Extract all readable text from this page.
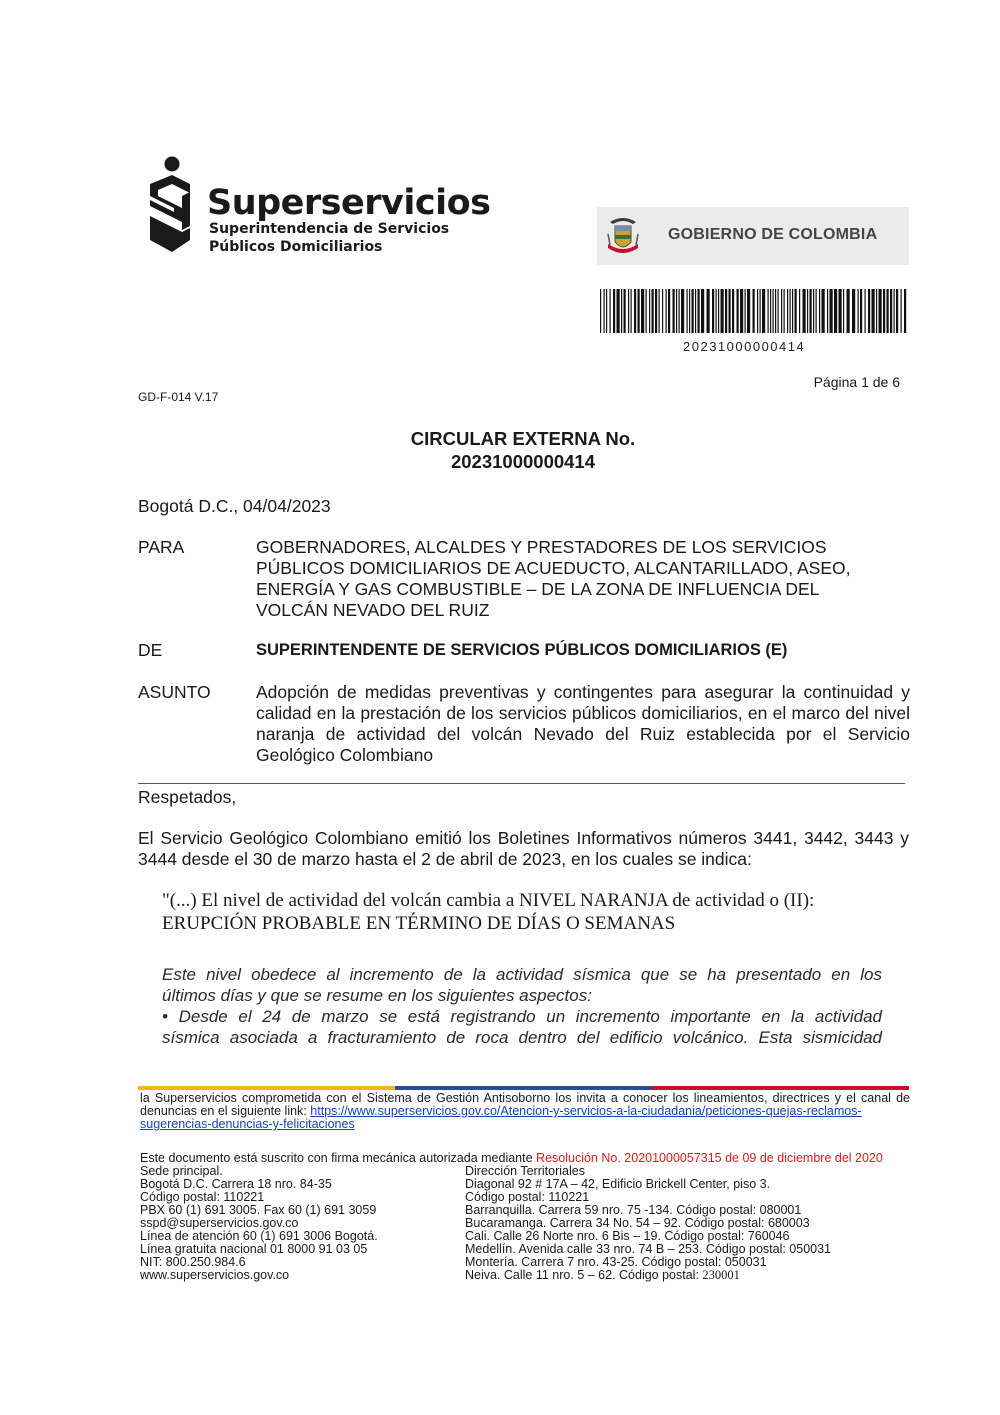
Superservicios
Superintendencia de Servicios
Públicos Domiciliarios
GOBIERNO DE COLOMBIA
20231000000414
Página 1 de 6
GD-F-014 V.17
CIRCULAR EXTERNA No.
20231000000414
Bogotá D.C., 04/04/2023
PARA	GOBERNADORES, ALCALDES Y PRESTADORES DE LOS SERVICIOS
PÚBLICOS DOMICILIARIOS DE ACUEDUCTO, ALCANTARILLADO, ASEO,
ENERGÍA Y GAS COMBUSTIBLE – DE LA ZONA DE INFLUENCIA DEL
VOLCÁN NEVADO DEL RUIZ
DE	SUPERINTENDENTE DE SERVICIOS PÚBLICOS DOMICILIARIOS (E)
ASUNTO	Adopción de medidas preventivas y contingentes para asegurar la continuidad y
calidad en la prestación de los servicios públicos domiciliarios, en el marco del nivel
naranja de actividad del volcán Nevado del Ruiz establecida por el Servicio
Geológico Colombiano
Respetados,
El Servicio Geológico Colombiano emitió los Boletines Informativos números 3441, 3442, 3443 y
3444 desde el 30 de marzo hasta el 2 de abril de 2023, en los cuales se indica:
"(...) El nivel de actividad del volcán cambia a NIVEL NARANJA de actividad o (II):
ERUPCIÓN PROBABLE EN TÉRMINO DE DÍAS O SEMANAS
Este nivel obedece al incremento de la actividad sísmica que se ha presentado en los
últimos días y que se resume en los siguientes aspectos:
• Desde el 24 de marzo se está registrando un incremento importante en la actividad
sísmica asociada a fracturamiento de roca dentro del edificio volcánico. Esta sismicidad
la Superservicios comprometida con el Sistema de Gestión Antisoborno los invita a conocer los lineamientos, directrices y el canal de
denuncias en el siguiente link: https://www.superservicios.gov.co/Atencion-y-servicios-a-la-ciudadania/peticiones-quejas-reclamos-
sugerencias-denuncias-y-felicitaciones
Este documento está suscrito con firma mecánica autorizada mediante Resolución No. 20201000057315 de 09 de diciembre del 2020
Sede principal.
Bogotá D.C. Carrera 18 nro. 84-35
Código postal: 110221
PBX 60 (1) 691 3005. Fax 60 (1) 691 3059
sspd@superservicios.gov.co
Línea de atención 60 (1) 691 3006 Bogotá.
Línea gratuita nacional 01 8000 91 03 05
NIT: 800.250.984.6
www.superservicios.gov.co
Dirección Territoriales
Diagonal 92 # 17A – 42, Edificio Brickell Center, piso 3.
Código postal: 110221
Barranquilla. Carrera 59 nro. 75 -134. Código postal: 080001
Bucaramanga. Carrera 34 No. 54 – 92. Código postal: 680003
Cali. Calle 26 Norte nro. 6 Bis – 19. Código postal: 760046
Medellín. Avenida calle 33 nro. 74 B – 253. Código postal: 050031
Montería. Carrera 7 nro. 43-25. Código postal: 050031
Neiva. Calle 11 nro. 5 – 62. Código postal: 230001
